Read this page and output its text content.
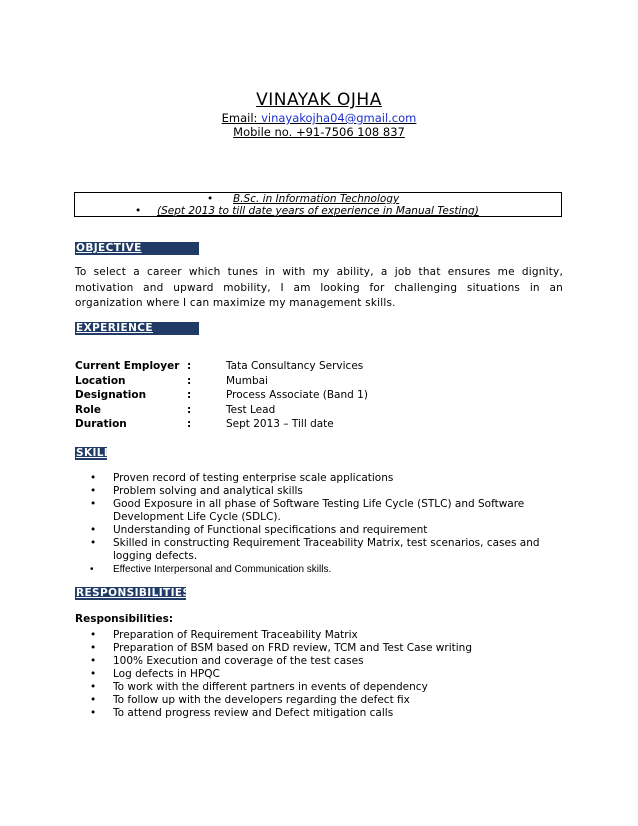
VINAYAK OJHA
Email: vinayakojha04@gmail.com
Mobile no. +91-7506 108 837
• B.Sc. in Information Technology
• (Sept 2013 to till date years of experience in Manual Testing)
OBJECTIVE
To select a career which tunes in with my ability, a job that ensures me dignity, motivation and upward mobility, I am looking for challenging situations in an organization where I can maximize my management skills.
EXPERIENCE
Current Employer :	Tata Consultancy Services
Location	:	Mumbai
Designation	:	Process Associate (Band 1)
Role	:	Test Lead
Duration	:	Sept 2013 – Till date
SKILL
• Proven record of testing enterprise scale applications
• Problem solving and analytical skills
• Good Exposure in all phase of Software Testing Life Cycle (STLC) and Software Development Life Cycle (SDLC).
• Understanding of Functional specifications and requirement
• Skilled in constructing Requirement Traceability Matrix, test scenarios, cases and logging defects.
• Effective Interpersonal and Communication skills.
RESPONSIBILITIES
Responsibilities:
• Preparation of Requirement Traceability Matrix
• Preparation of BSM based on FRD review, TCM and Test Case writing
• 100% Execution and coverage of the test cases
• Log defects in HPQC
• To work with the different partners in events of dependency
• To follow up with the developers regarding the defect fix
• To attend progress review and Defect mitigation calls
